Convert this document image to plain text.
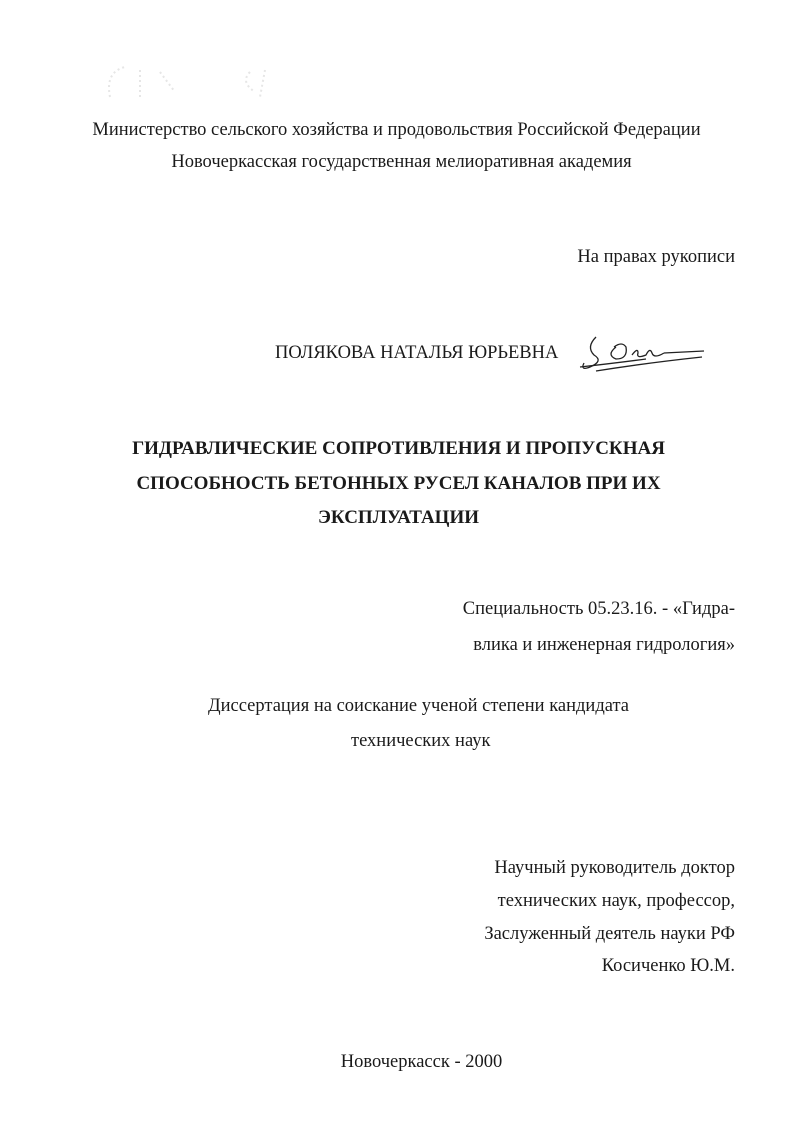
Министерство сельского хозяйства и продовольствия Российской Федерации
Новочеркасская государственная мелиоративная академия
На правах рукописи
ПОЛЯКОВА НАТАЛЬЯ ЮРЬЕВНА
ГИДРАВЛИЧЕСКИЕ СОПРОТИВЛЕНИЯ И ПРОПУСКНАЯ
СПОСОБНОСТЬ БЕТОННЫХ РУСЕЛ КАНАЛОВ ПРИ ИХ
ЭКСПЛУАТАЦИИ
Специальность 05.23.16. - «Гидра-
влика и инженерная гидрология»
Диссертация на соискание ученой степени кандидата
технических наук
Научный руководитель доктор
технических наук, профессор,
Заслуженный деятель науки РФ
Косиченко Ю.М.
Новочеркасск - 2000
